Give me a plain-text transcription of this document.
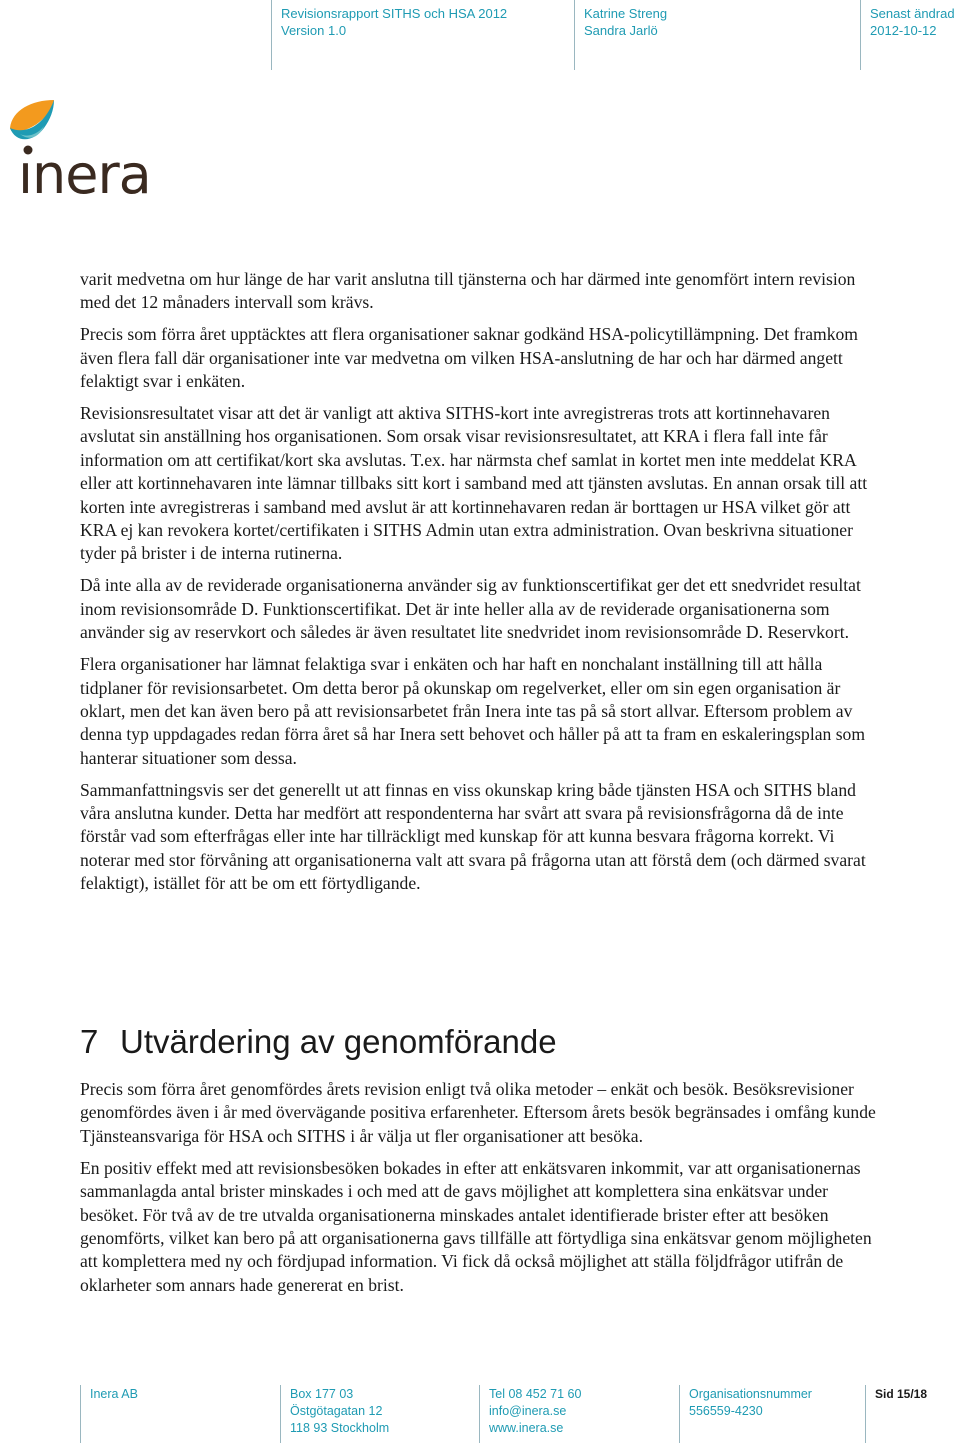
Revisionsrapport SITHS och HSA 2012
Version 1.0
Katrine Streng
Sandra Jarlö
Senast ändrad
2012-10-12
ınera

varit medvetna om hur länge de har varit anslutna till tjänsterna och har därmed inte genomfört intern revision med det 12 månaders intervall som krävs.

Precis som förra året upptäcktes att flera organisationer saknar godkänd HSA-policytillämpning. Det framkom även flera fall där organisationer inte var medvetna om vilken HSA-anslutning de har och har därmed angett felaktigt svar i enkäten.

Revisionsresultatet visar att det är vanligt att aktiva SITHS-kort inte avregistreras trots att kortinnehavaren avslutat sin anställning hos organisationen. Som orsak visar revisionsresultatet, att KRA i flera fall inte får information om att certifikat/kort ska avslutas. T.ex. har närmsta chef samlat in kortet men inte meddelat KRA eller att kortinnehavaren inte lämnar tillbaks sitt kort i samband med att tjänsten avslutas. En annan orsak till att korten inte avregistreras i samband med avslut är att kortinnehavaren redan är borttagen ur HSA vilket gör att KRA ej kan revokera kortet/certifikaten i SITHS Admin utan extra administration. Ovan beskrivna situationer tyder på brister i de interna rutinerna.

Då inte alla av de reviderade organisationerna använder sig av funktionscertifikat ger det ett snedvridet resultat inom revisionsområde D. Funktionscertifikat. Det är inte heller alla av de reviderade organisationerna som använder sig av reservkort och således är även resultatet lite snedvridet inom revisionsområde D. Reservkort.

Flera organisationer har lämnat felaktiga svar i enkäten och har haft en nonchalant inställning till att hålla tidplaner för revisionsarbetet. Om detta beror på okunskap om regelverket, eller om sin egen organisation är oklart, men det kan även bero på att revisionsarbetet från Inera inte tas på så stort allvar. Eftersom problem av denna typ uppdagades redan förra året så har Inera sett behovet och håller på att ta fram en eskaleringsplan som hanterar situationer som dessa.

Sammanfattningsvis ser det generellt ut att finnas en viss okunskap kring både tjänsten HSA och SITHS bland våra anslutna kunder. Detta har medfört att respondenterna har svårt att svara på revisionsfrågorna då de inte förstår vad som efterfrågas eller inte har tillräckligt med kunskap för att kunna besvara frågorna korrekt. Vi noterar med stor förvåning att organisationerna valt att svara på frågorna utan att förstå dem (och därmed svarat felaktigt), istället för att be om ett förtydligande.

7 Utvärdering av genomförande

Precis som förra året genomfördes årets revision enligt två olika metoder – enkät och besök. Besöksrevisioner genomfördes även i år med övervägande positiva erfarenheter. Eftersom årets besök begränsades i omfång kunde Tjänsteansvariga för HSA och SITHS i år välja ut fler organisationer att besöka.

En positiv effekt med att revisionsbesöken bokades in efter att enkätsvaren inkommit, var att organisationernas sammanlagda antal brister minskades i och med att de gavs möjlighet att komplettera sina enkätsvar under besöket. För två av de tre utvalda organisationerna minskades antalet identifierade brister efter att besöken genomförts, vilket kan bero på att organisationerna gavs tillfälle att förtydliga sina enkätsvar genom möjligheten att komplettera med ny och fördjupad information. Vi fick då också möjlighet att ställa följdfrågor utifrån de oklarheter som annars hade genererat en brist.

Inera AB	Box 177 03
Östgötagatan 12
118 93 Stockholm
Tel 08 452 71 60
info@inera.se
www.inera.se
Organisationsnummer
556559-4230
Sid 15/18
